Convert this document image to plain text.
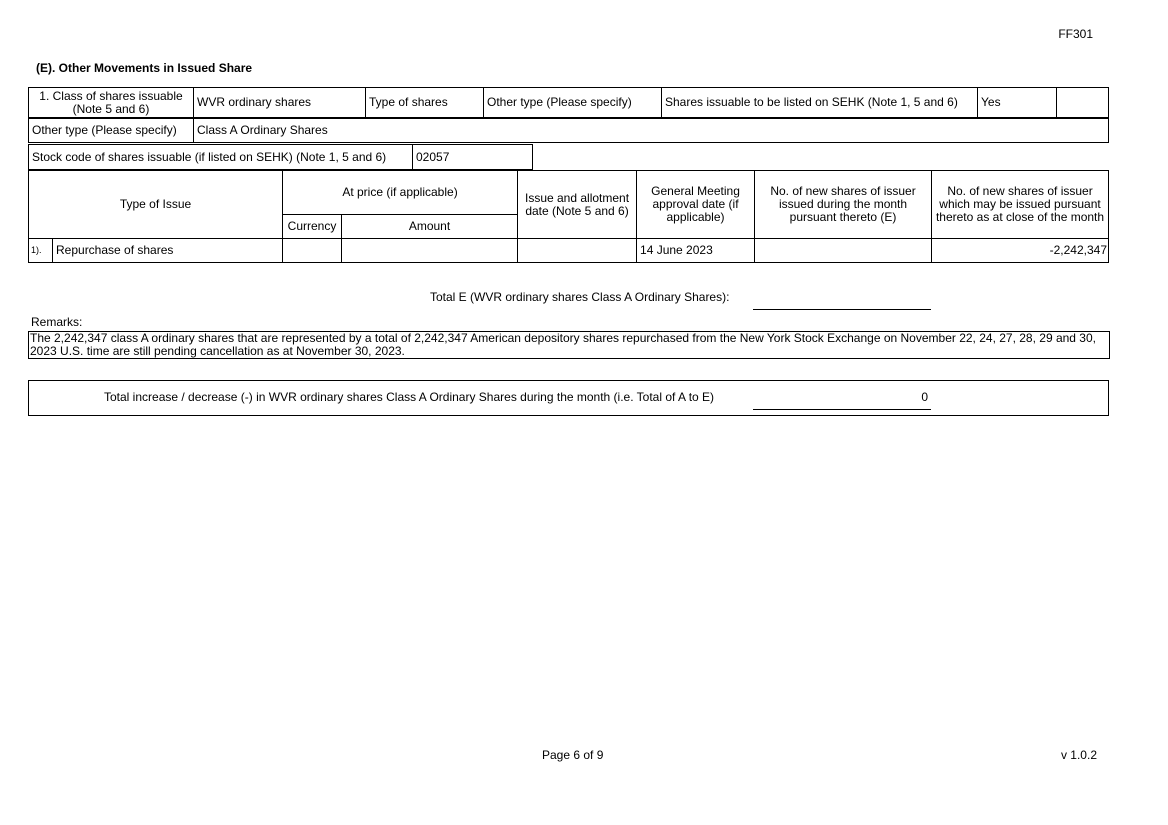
FF301
(E). Other Movements in Issued Share
1. Class of shares issuable (Note 5 and 6)	WVR ordinary shares	Type of shares	Other type (Please specify)	Shares issuable to be listed on SEHK (Note 1, 5 and 6)	Yes	
Other type (Please specify)	Class A Ordinary Shares
Stock code of shares issuable (if listed on SEHK) (Note 1, 5 and 6)	02057	
Type of Issue		At price (if applicable)		Issue and allotment date (Note 5 and 6)	General Meeting approval date (if applicable)	No. of new shares of issuer issued during the month pursuant thereto (E)	No. of new shares of issuer which may be issued pursuant thereto as at close of the month
		Currency	Amount				
1).	Repurchase of shares				14 June 2023		-2,242,347
Total E (WVR ordinary shares Class A Ordinary Shares):
Remarks:
The 2,242,347 class A ordinary shares that are represented by a total of 2,242,347 American depository shares repurchased from the New York Stock Exchange on November 22, 24, 27, 28, 29 and 30, 2023 U.S. time are still pending cancellation as at November 30, 2023.
Total increase / decrease (-) in WVR ordinary shares Class A Ordinary Shares during the month (i.e. Total of A to E)	0
Page 6 of 9	v 1.0.2
